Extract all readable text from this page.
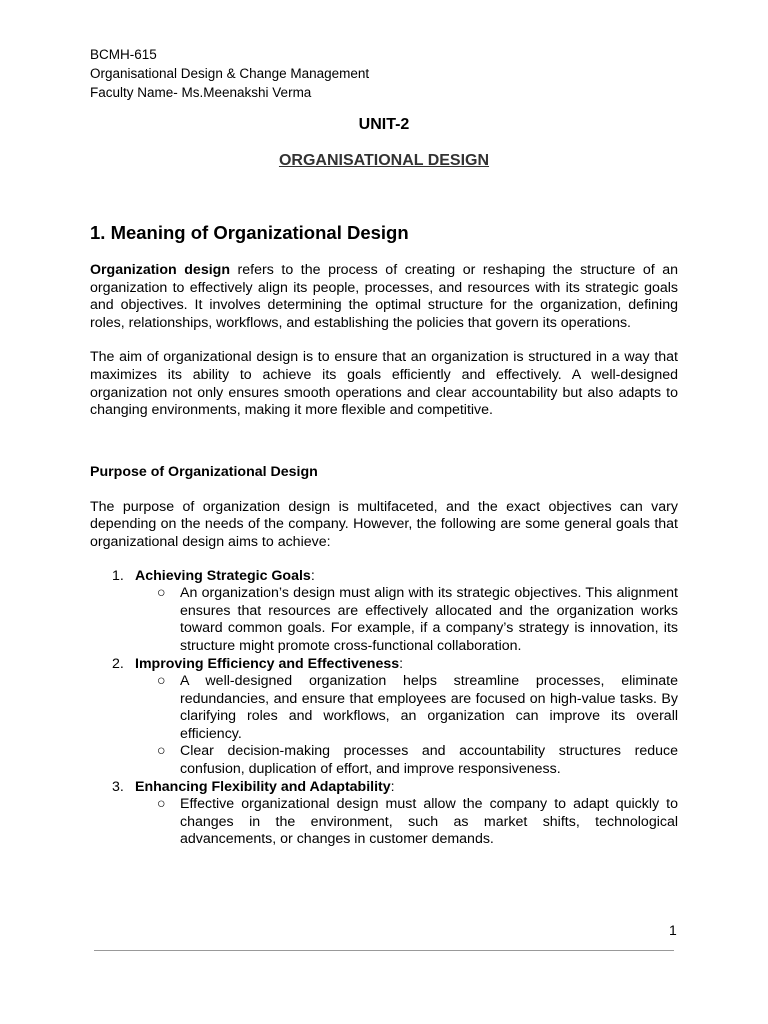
BCMH-615

Organisational Design & Change Management

Faculty Name- Ms.Meenakshi Verma

UNIT-2
ORGANISATIONAL DESIGN
1. Meaning of Organizational Design

Organization design refers to the process of creating or reshaping the structure of an organization to effectively align its people, processes, and resources with its strategic goals and objectives. It involves determining the optimal structure for the organization, defining roles, relationships, workflows, and establishing the policies that govern its operations.

The aim of organizational design is to ensure that an organization is structured in a way that maximizes its ability to achieve its goals efficiently and effectively. A well-designed organization not only ensures smooth operations and clear accountability but also adapts to changing environments, making it more flexible and competitive.

Purpose of Organizational Design

The purpose of organization design is multifaceted, and the exact objectives can vary depending on the needs of the company. However, the following are some general goals that organizational design aims to achieve:

1. Achieving Strategic Goals:
○ An organization’s design must align with its strategic objectives. This alignment ensures that resources are effectively allocated and the organization works toward common goals. For example, if a company’s strategy is innovation, its structure might promote cross-functional collaboration.
2. Improving Efficiency and Effectiveness:
○ A well-designed organization helps streamline processes, eliminate redundancies, and ensure that employees are focused on high-value tasks. By clarifying roles and workflows, an organization can improve its overall efficiency.
○ Clear decision-making processes and accountability structures reduce confusion, duplication of effort, and improve responsiveness.
3. Enhancing Flexibility and Adaptability:
○ Effective organizational design must allow the company to adapt quickly to changes in the environment, such as market shifts, technological advancements, or changes in customer demands.
1
